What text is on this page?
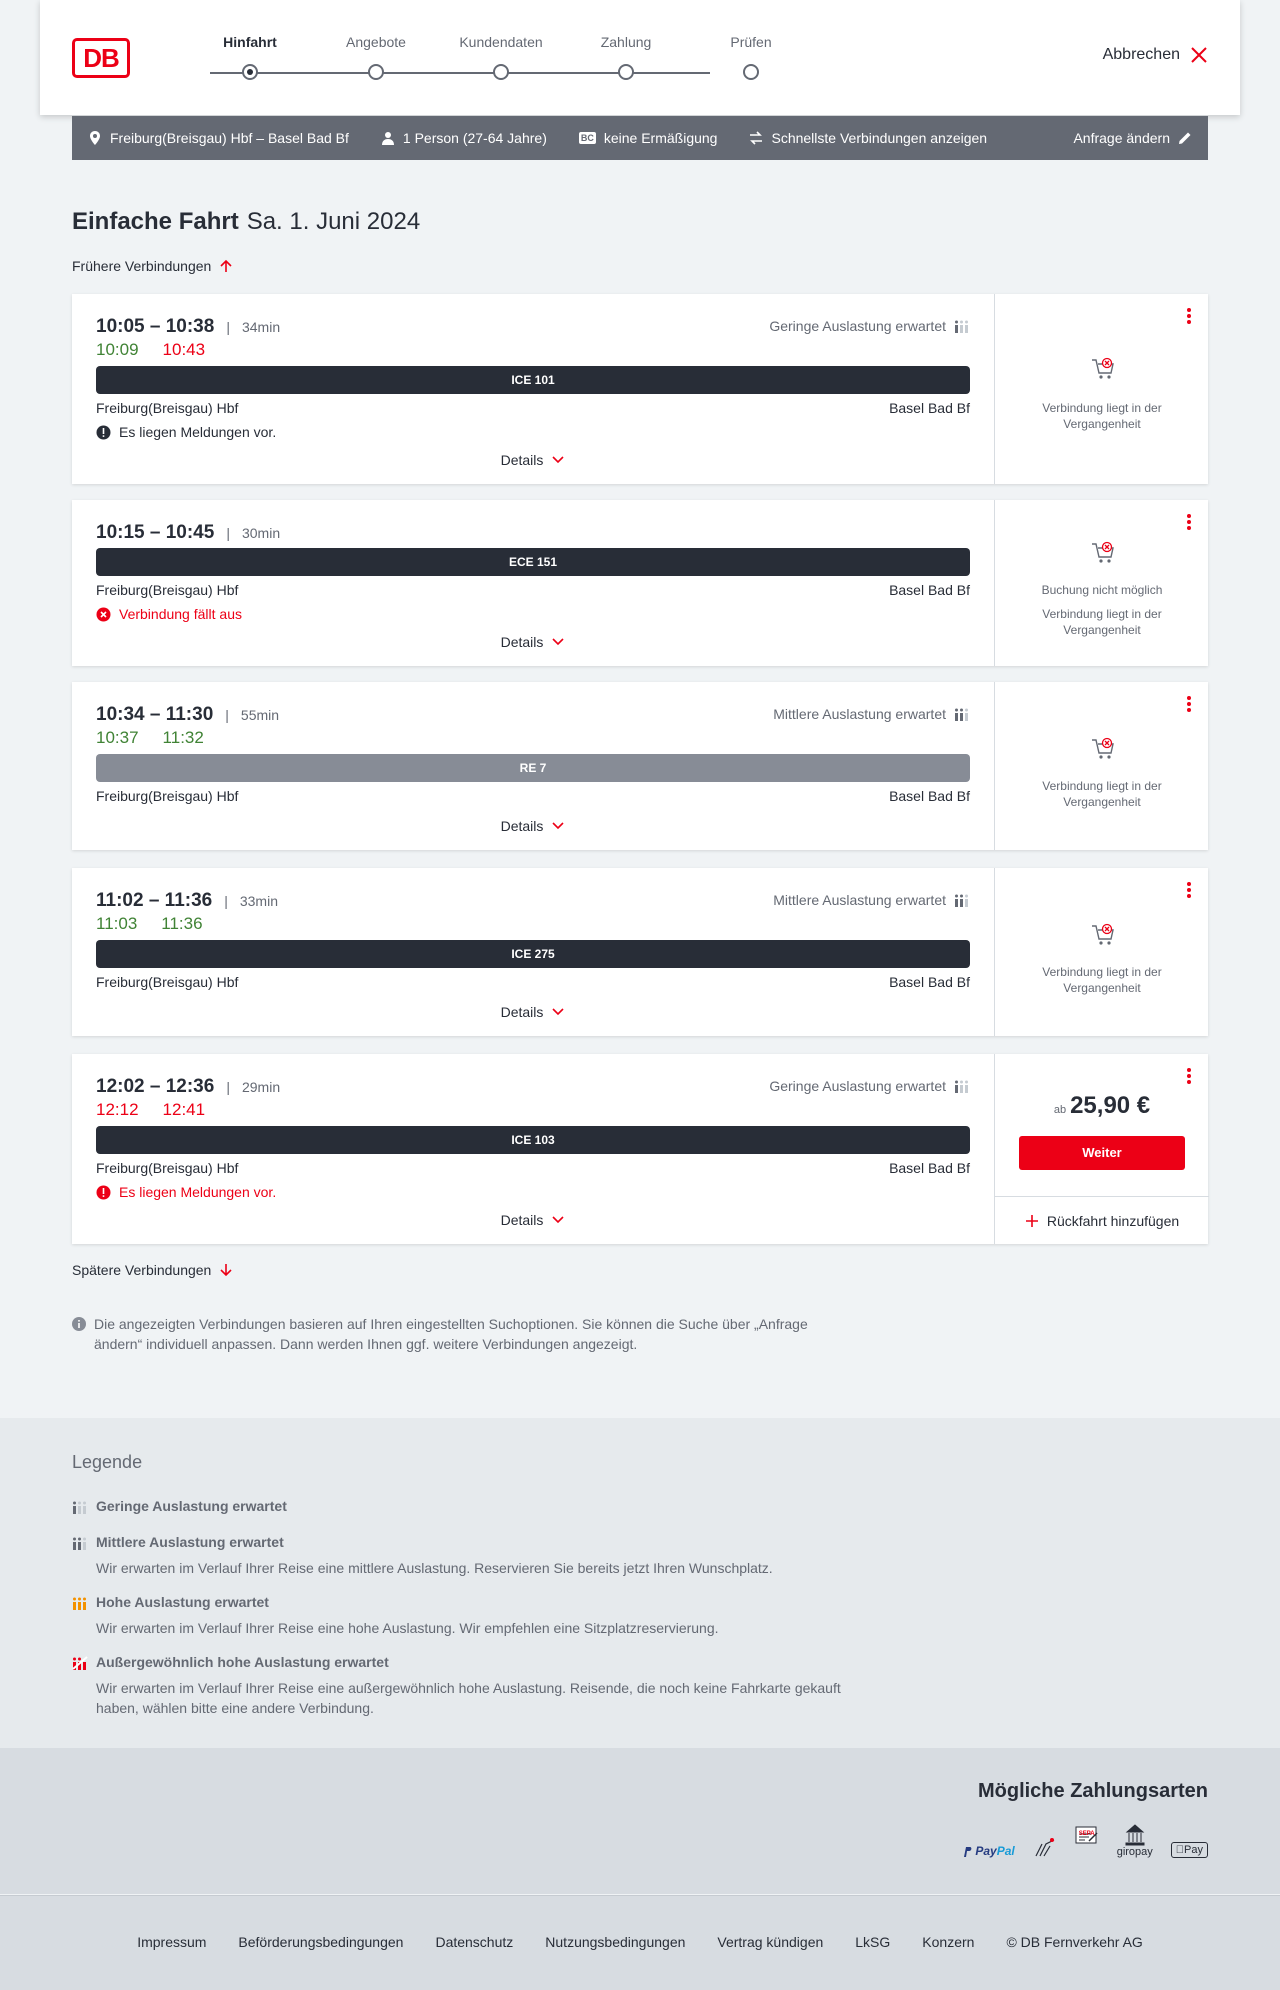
DB
Hinfahrt	Angebote	Kundendaten	Zahlung	Prüfen
Abbrechen
Freiburg(Breisgau) Hbf – Basel Bad Bf	1 Person (27-64 Jahre)	BC keine Ermäßigung	Schnellste Verbindungen anzeigen	Anfrage ändern
Einfache Fahrt Sa. 1. Juni 2024
Frühere Verbindungen
10:05 – 10:38 | 34min
10:09 10:43
Geringe Auslastung erwartet
ICE 101
Freiburg(Breisgau) Hbf	Basel Bad Bf
Es liegen Meldungen vor.
Details
Verbindung liegt in der Vergangenheit
10:15 – 10:45 | 30min
ECE 151
Freiburg(Breisgau) Hbf	Basel Bad Bf
Verbindung fällt aus
Details
Buchung nicht möglich
Verbindung liegt in der Vergangenheit
10:34 – 11:30 | 55min
10:37 11:32
Mittlere Auslastung erwartet
RE 7
Freiburg(Breisgau) Hbf	Basel Bad Bf
Details
Verbindung liegt in der Vergangenheit
11:02 – 11:36 | 33min
11:03 11:36
Mittlere Auslastung erwartet
ICE 275
Freiburg(Breisgau) Hbf	Basel Bad Bf
Details
Verbindung liegt in der Vergangenheit
12:02 – 12:36 | 29min
12:12 12:41
Geringe Auslastung erwartet
ICE 103
Freiburg(Breisgau) Hbf	Basel Bad Bf
Es liegen Meldungen vor.
Details
ab 25,90 €
Weiter
Rückfahrt hinzufügen
Spätere Verbindungen
Die angezeigten Verbindungen basieren auf Ihren eingestellten Suchoptionen. Sie können die Suche über „Anfrage ändern“ individuell anpassen. Dann werden Ihnen ggf. weitere Verbindungen angezeigt.
Legende
Geringe Auslastung erwartet
Mittlere Auslastung erwartet
Wir erwarten im Verlauf Ihrer Reise eine mittlere Auslastung. Reservieren Sie bereits jetzt Ihren Wunschplatz.
Hohe Auslastung erwartet
Wir erwarten im Verlauf Ihrer Reise eine hohe Auslastung. Wir empfehlen eine Sitzplatzreservierung.
Außergewöhnlich hohe Auslastung erwartet
Wir erwarten im Verlauf Ihrer Reise eine außergewöhnlich hohe Auslastung. Reisende, die noch keine Fahrkarte gekauft haben, wählen bitte eine andere Verbindung.
Mögliche Zahlungsarten
PayPal
$^{SEPA}$
giropay	Pay
Impressum Beförderungsbedingungen Datenschutz Nutzungsbedingungen Vertrag kündigen LkSG Konzern © DB Fernverkehr AG
